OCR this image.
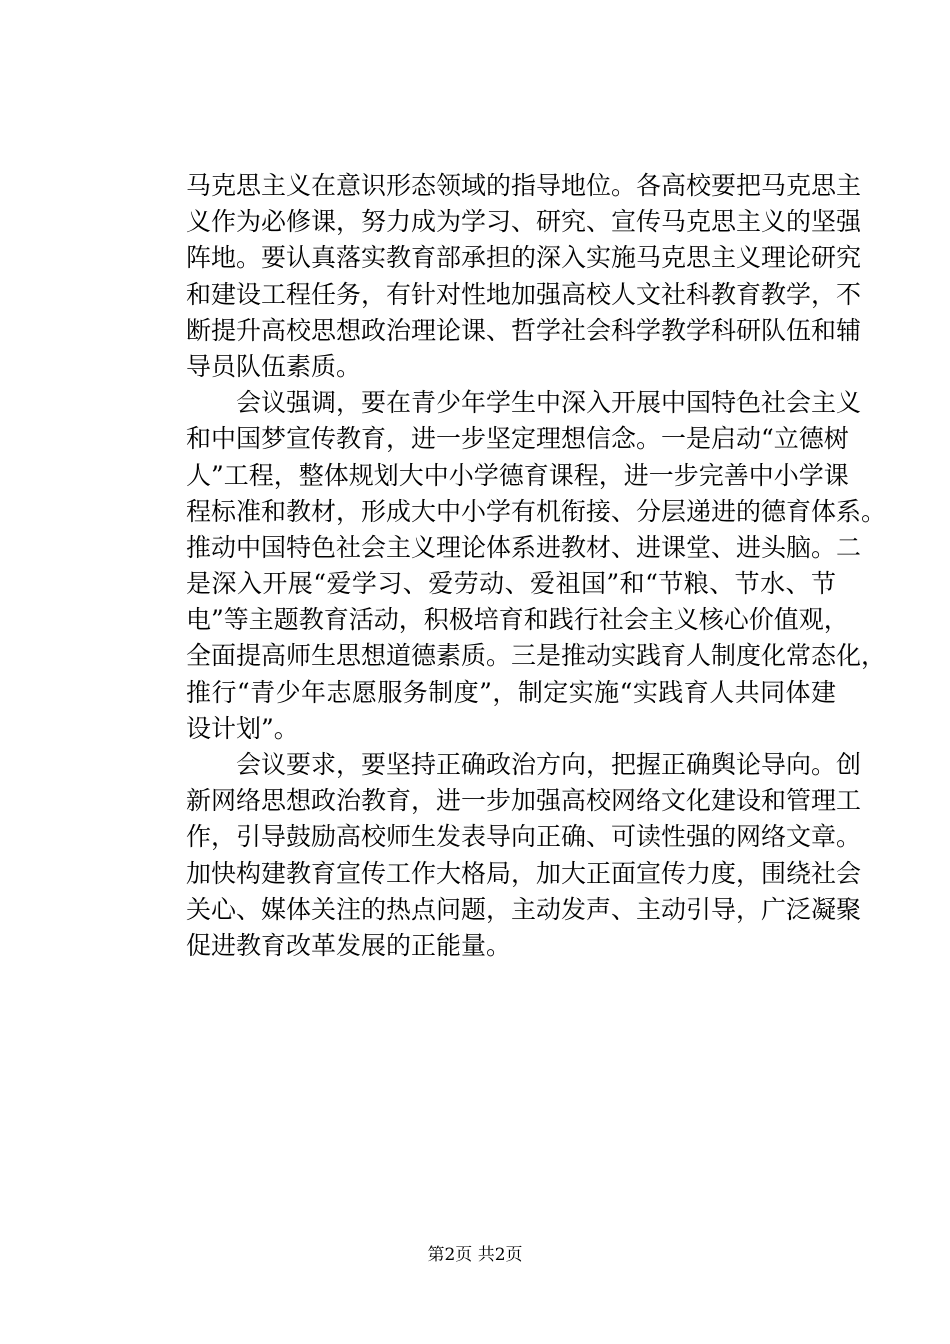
马克思主义在意识形态领域的指导地位。各高校要把马克思主
义作为必修课，努力成为学习、研究、宣传马克思主义的坚强
阵地。要认真落实教育部承担的深入实施马克思主义理论研究
和建设工程任务，有针对性地加强高校人文社科教育教学，不
断提升高校思想政治理论课、哲学社会科学教学科研队伍和辅
导员队伍素质。
　　会议强调，要在青少年学生中深入开展中国特色社会主义
和中国梦宣传教育，进一步坚定理想信念。一是启动“立德树
人”工程，整体规划大中小学德育课程，进一步完善中小学课
程标准和教材，形成大中小学有机衔接、分层递进的德育体系。
推动中国特色社会主义理论体系进教材、进课堂、进头脑。二
是深入开展“爱学习、爱劳动、爱祖国”和“节粮、节水、节
电”等主题教育活动，积极培育和践行社会主义核心价值观，
全面提高师生思想道德素质。三是推动实践育人制度化常态化，
推行“青少年志愿服务制度”，制定实施“实践育人共同体建
设计划”。
　　会议要求，要坚持正确政治方向，把握正确舆论导向。创
新网络思想政治教育，进一步加强高校网络文化建设和管理工
作，引导鼓励高校师生发表导向正确、可读性强的网络文章。
加快构建教育宣传工作大格局，加大正面宣传力度，围绕社会
关心、媒体关注的热点问题，主动发声、主动引导，广泛凝聚
促进教育改革发展的正能量。
第2页 共2页
